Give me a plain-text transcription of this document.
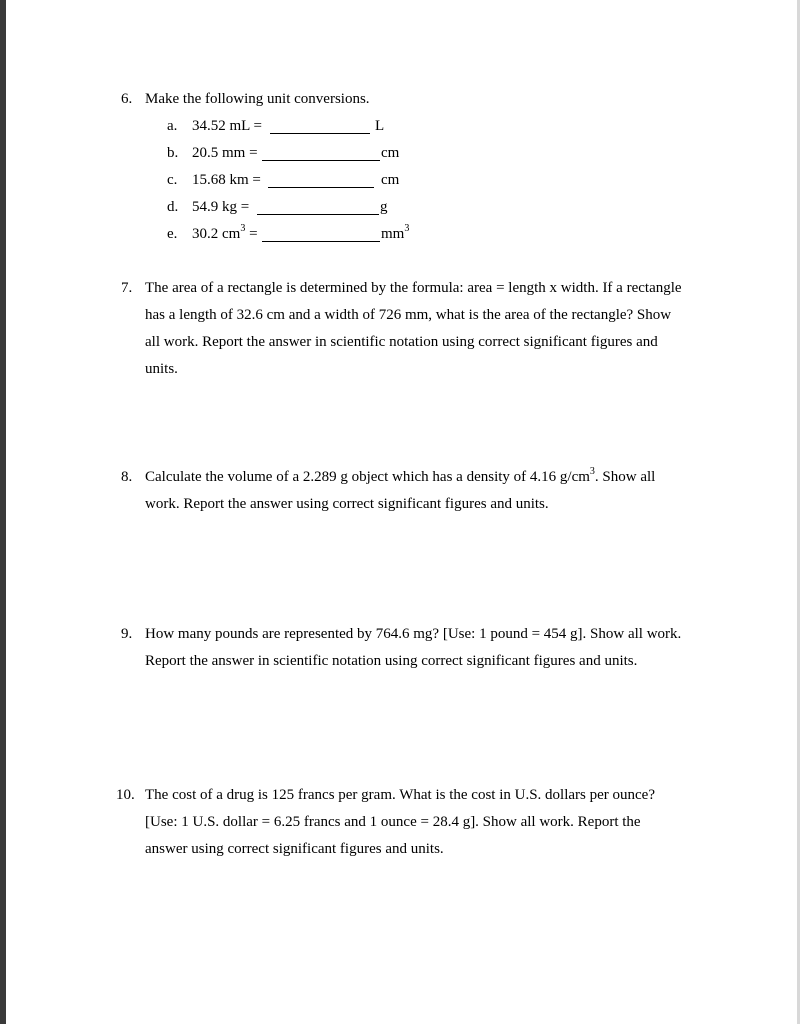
6. Make the following unit conversions.
a. 34.52 mL =	L
b. 20.5 mm =	cm
c. 15.68 km =	cm
d. 54.9 kg =	g
e. 30.2 $cm^3$ =	$mm^3$
7. The area of a rectangle is determined by the formula: area = length x width. If a rectangle
has a length of 32.6 cm and a width of 726 mm, what is the area of the rectangle? Show
all work. Report the answer in scientific notation using correct significant figures and
units.
8. Calculate the volume of a 2.289 g object which has a density of 4.16 $g/cm^3$. Show all
work. Report the answer using correct significant figures and units.
9. How many pounds are represented by 764.6 mg? [Use: 1 pound = 454 g]. Show all work.
Report the answer in scientific notation using correct significant figures and units.
10. The cost of a drug is 125 francs per gram. What is the cost in U.S. dollars per ounce?
[Use: 1 U.S. dollar = 6.25 francs and 1 ounce = 28.4 g]. Show all work. Report the
answer using correct significant figures and units.
